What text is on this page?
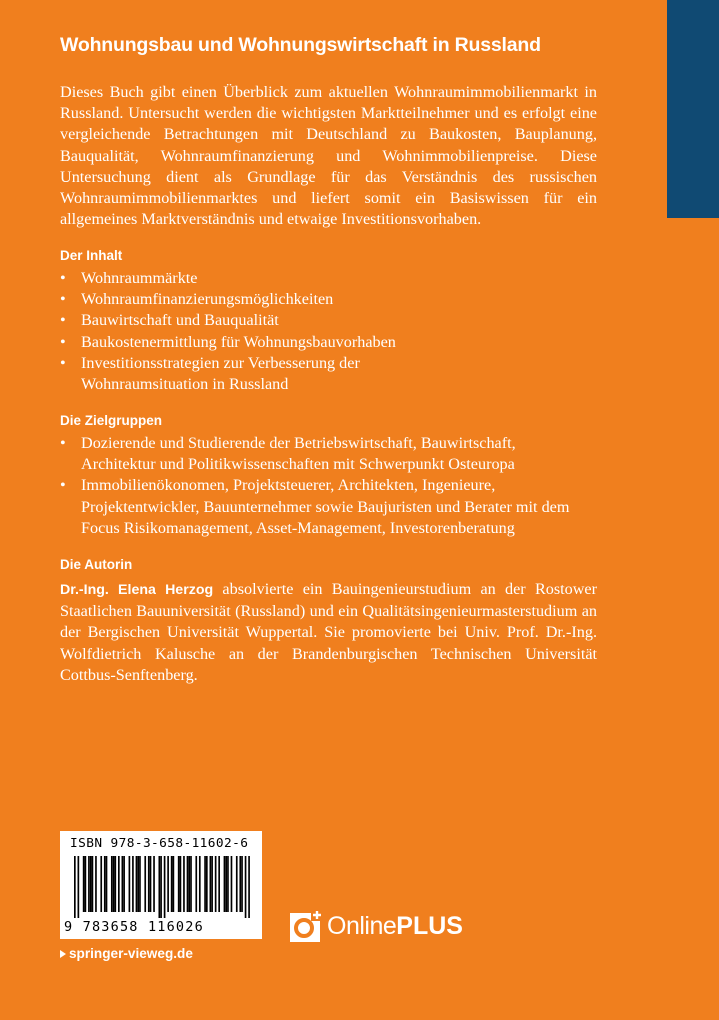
Wohnungsbau und Wohnungswirtschaft in Russland
Dieses Buch gibt einen Überblick zum aktuellen Wohnraumimmobilienmarkt in Russland. Untersucht werden die wichtigsten Marktteilnehmer und es erfolgt eine vergleichende Betrachtungen mit Deutschland zu Baukosten, Bauplanung, Bauqualität, Wohnraumfinanzierung und Wohnimmobilienpreise. Diese Untersuchung dient als Grundlage für das Verständnis des russischen Wohnraumimmobilienmarktes und liefert somit ein Basiswissen für ein allgemeines Marktverständnis und etwaige Investitionsvorhaben.
Der Inhalt
• Wohnraummärkte
• Wohnraumfinanzierungsmöglichkeiten
• Bauwirtschaft und Bauqualität
• Baukostenermittlung für Wohnungsbauvorhaben
• Investitionsstrategien zur Verbesserung der Wohnraumsituation in Russland
Die Zielgruppen
• Dozierende und Studierende der Betriebswirtschaft, Bauwirtschaft, Architektur und Politikwissenschaften mit Schwerpunkt Osteuropa
• Immobilienökonomen, Projektsteuerer, Architekten, Ingenieure, Projektentwickler, Bauunternehmer sowie Baujuristen und Berater mit dem Focus Risikomanagement, Asset-Management, Investorenberatung
Die Autorin
Dr.-Ing. Elena Herzog absolvierte ein Bauingenieurstudium an der Rostower Staatlichen Bauuniversität (Russland) und ein Qualitätsingenieurmasterstudium an der Bergischen Universität Wuppertal. Sie promovierte bei Univ. Prof. Dr.-Ing. Wolfdietrich Kalusche an der Brandenburgischen Technischen Universität Cottbus-Senftenberg.
ISBN 978-3-658-11602-6
9 783658 116026	Online PLUS
springer-vieweg.de
